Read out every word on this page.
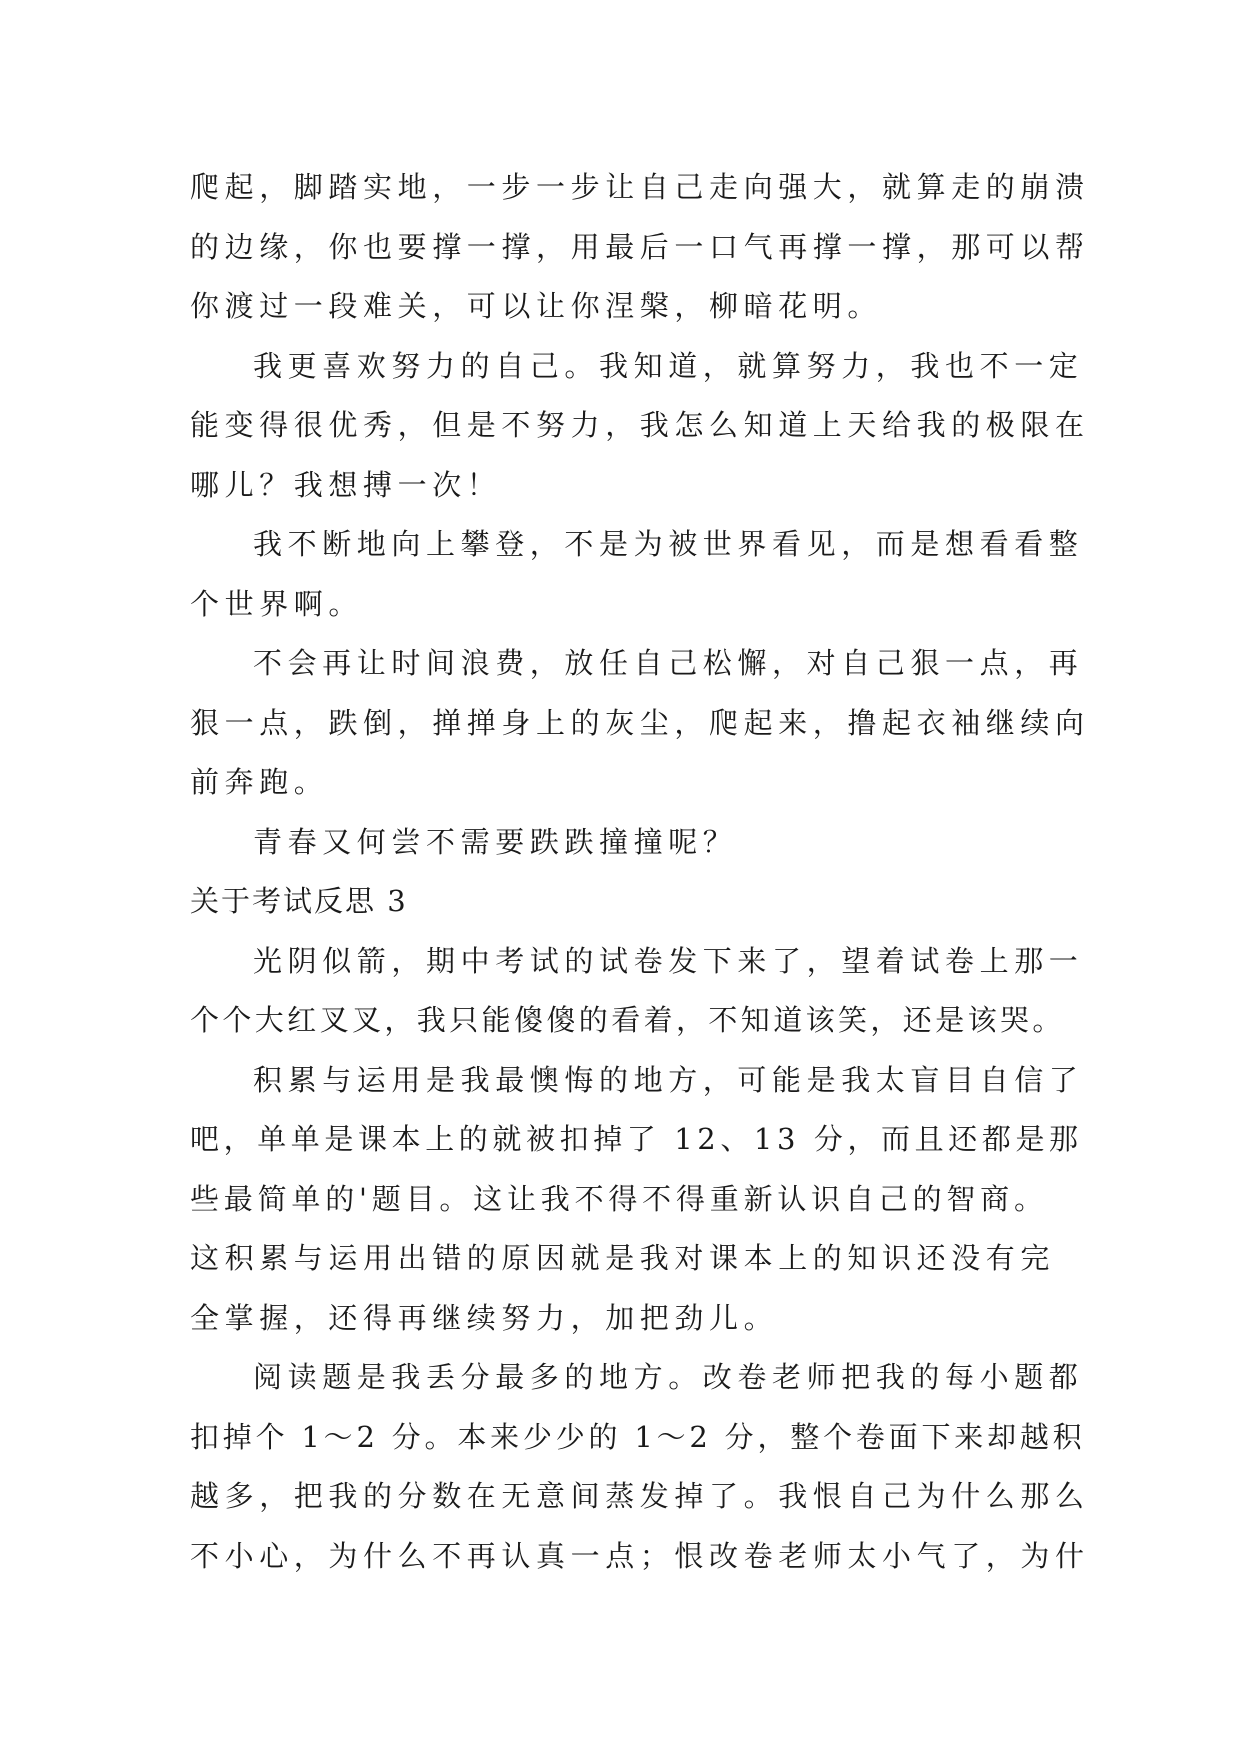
爬起，脚踏实地，一步一步让自己走向强大，就算走的崩溃
的边缘，你也要撑一撑，用最后一口气再撑一撑，那可以帮
你渡过一段难关，可以让你涅槃，柳暗花明。
我更喜欢努力的自己。我知道，就算努力，我也不一定
能变得很优秀，但是不努力，我怎么知道上天给我的极限在
哪儿？我想搏一次！
我不断地向上攀登，不是为被世界看见，而是想看看整
个世界啊。
不会再让时间浪费，放任自己松懈，对自己狠一点，再
狠一点，跌倒，掸掸身上的灰尘，爬起来，撸起衣袖继续向
前奔跑。
青春又何尝不需要跌跌撞撞呢？
关于考试反思 3
光阴似箭，期中考试的试卷发下来了，望着试卷上那一
个个大红叉叉，我只能傻傻的看着，不知道该笑，还是该哭。
积累与运用是我最懊悔的地方，可能是我太盲目自信了
吧，单单是课本上的就被扣掉了 12、13 分，而且还都是那
些最简单的'题目。这让我不得不得重新认识自己的智商。
这积累与运用出错的原因就是我对课本上的知识还没有完
全掌握，还得再继续努力，加把劲儿。
阅读题是我丢分最多的地方。改卷老师把我的每小题都
扣掉个 1～2 分。本来少少的 1～2 分，整个卷面下来却越积
越多，把我的分数在无意间蒸发掉了。我恨自己为什么那么
不小心，为什么不再认真一点；恨改卷老师太小气了，为什
